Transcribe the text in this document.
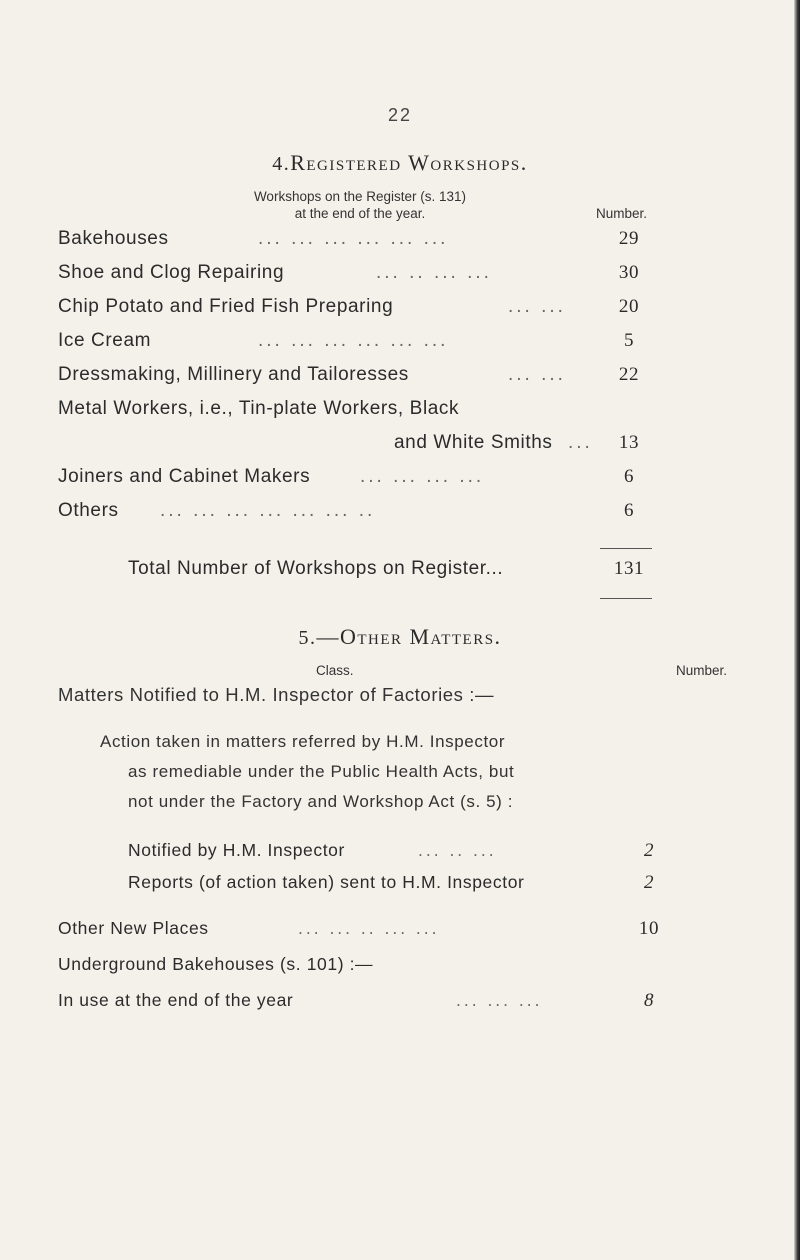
22
4.Registered Workshops.
Workshops on the Register (s. 131)
at the end of the year.	Number.
Bakehouses	... ... ... ... ... ...	29
Shoe and Clog Repairing	... .. ... ...	30
Chip Potato and Fried Fish Preparing	... ...	20
Ice Cream	... ... ... ... ... ...	5
Dressmaking, Millinery and Tailoresses	... ...	22
Metal Workers, i.e., Tin-plate Workers, Black
and White Smiths ...	13
Joiners and Cabinet Makers	... ... ... ...	6
Others ... ... ... ... ... ... ..	6
Total Number of Workshops on Register...	131
5.—Other Matters.
Class.	Number.
Matters Notified to H.M. Inspector of Factories :—
Action taken in matters referred by H.M. Inspector
as remediable under the Public Health Acts, but
not under the Factory and Workshop Act (s. 5) :
Notified by H.M. Inspector	... .. ...	2
Reports (of action taken) sent to H.M. Inspector	2
Other New Places	... ... .. ... ...	10
Underground Bakehouses (s. 101) :—
In use at the end of the year	... ... ...	8
